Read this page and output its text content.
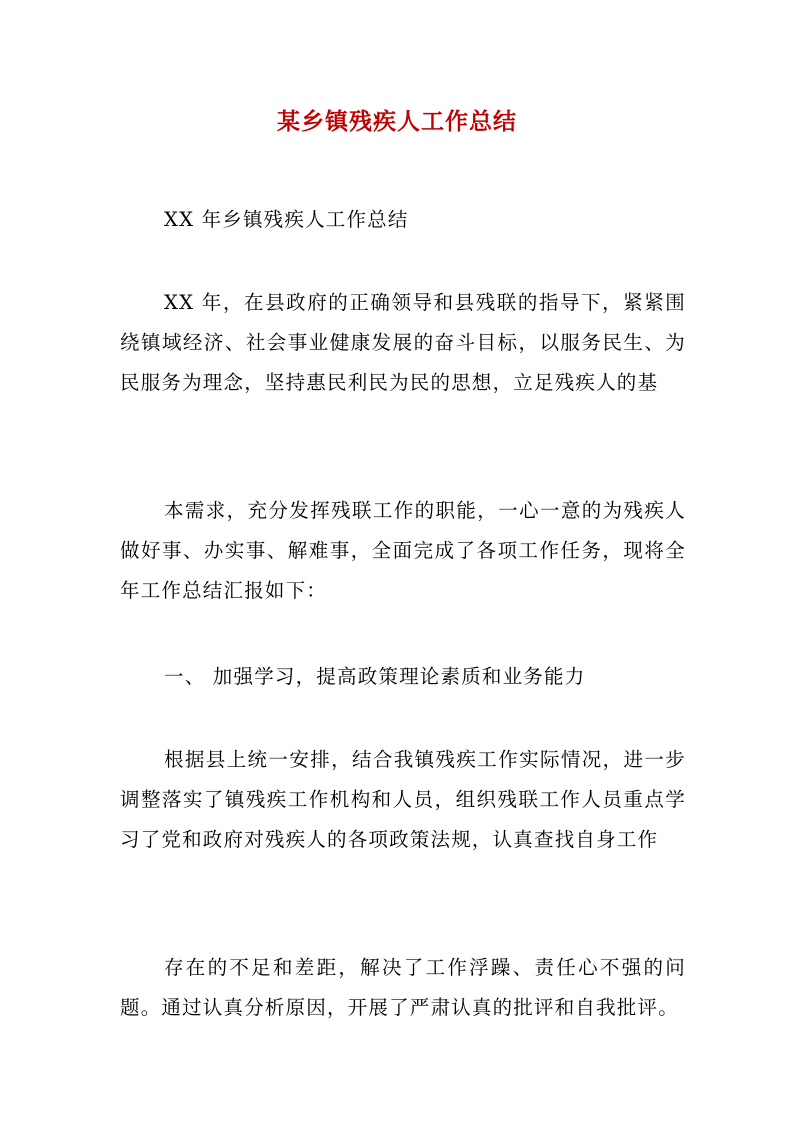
某乡镇残疾人工作总结

XX 年乡镇残疾人工作总结

XX 年，在县政府的正确领导和县残联的指导下，紧紧围绕镇域经济、社会事业健康发展的奋斗目标，以服务民生、为民服务为理念，坚持惠民利民为民的思想，立足残疾人的基

本需求，充分发挥残联工作的职能，一心一意的为残疾人做好事、办实事、解难事，全面完成了各项工作任务，现将全年工作总结汇报如下：

一、 加强学习，提高政策理论素质和业务能力

根据县上统一安排，结合我镇残疾工作实际情况，进一步调整落实了镇残疾工作机构和人员，组织残联工作人员重点学习了党和政府对残疾人的各项政策法规，认真查找自身工作

存在的不足和差距，解决了工作浮躁、责任心不强的问题。通过认真分析原因，开展了严肃认真的批评和自我批评。
